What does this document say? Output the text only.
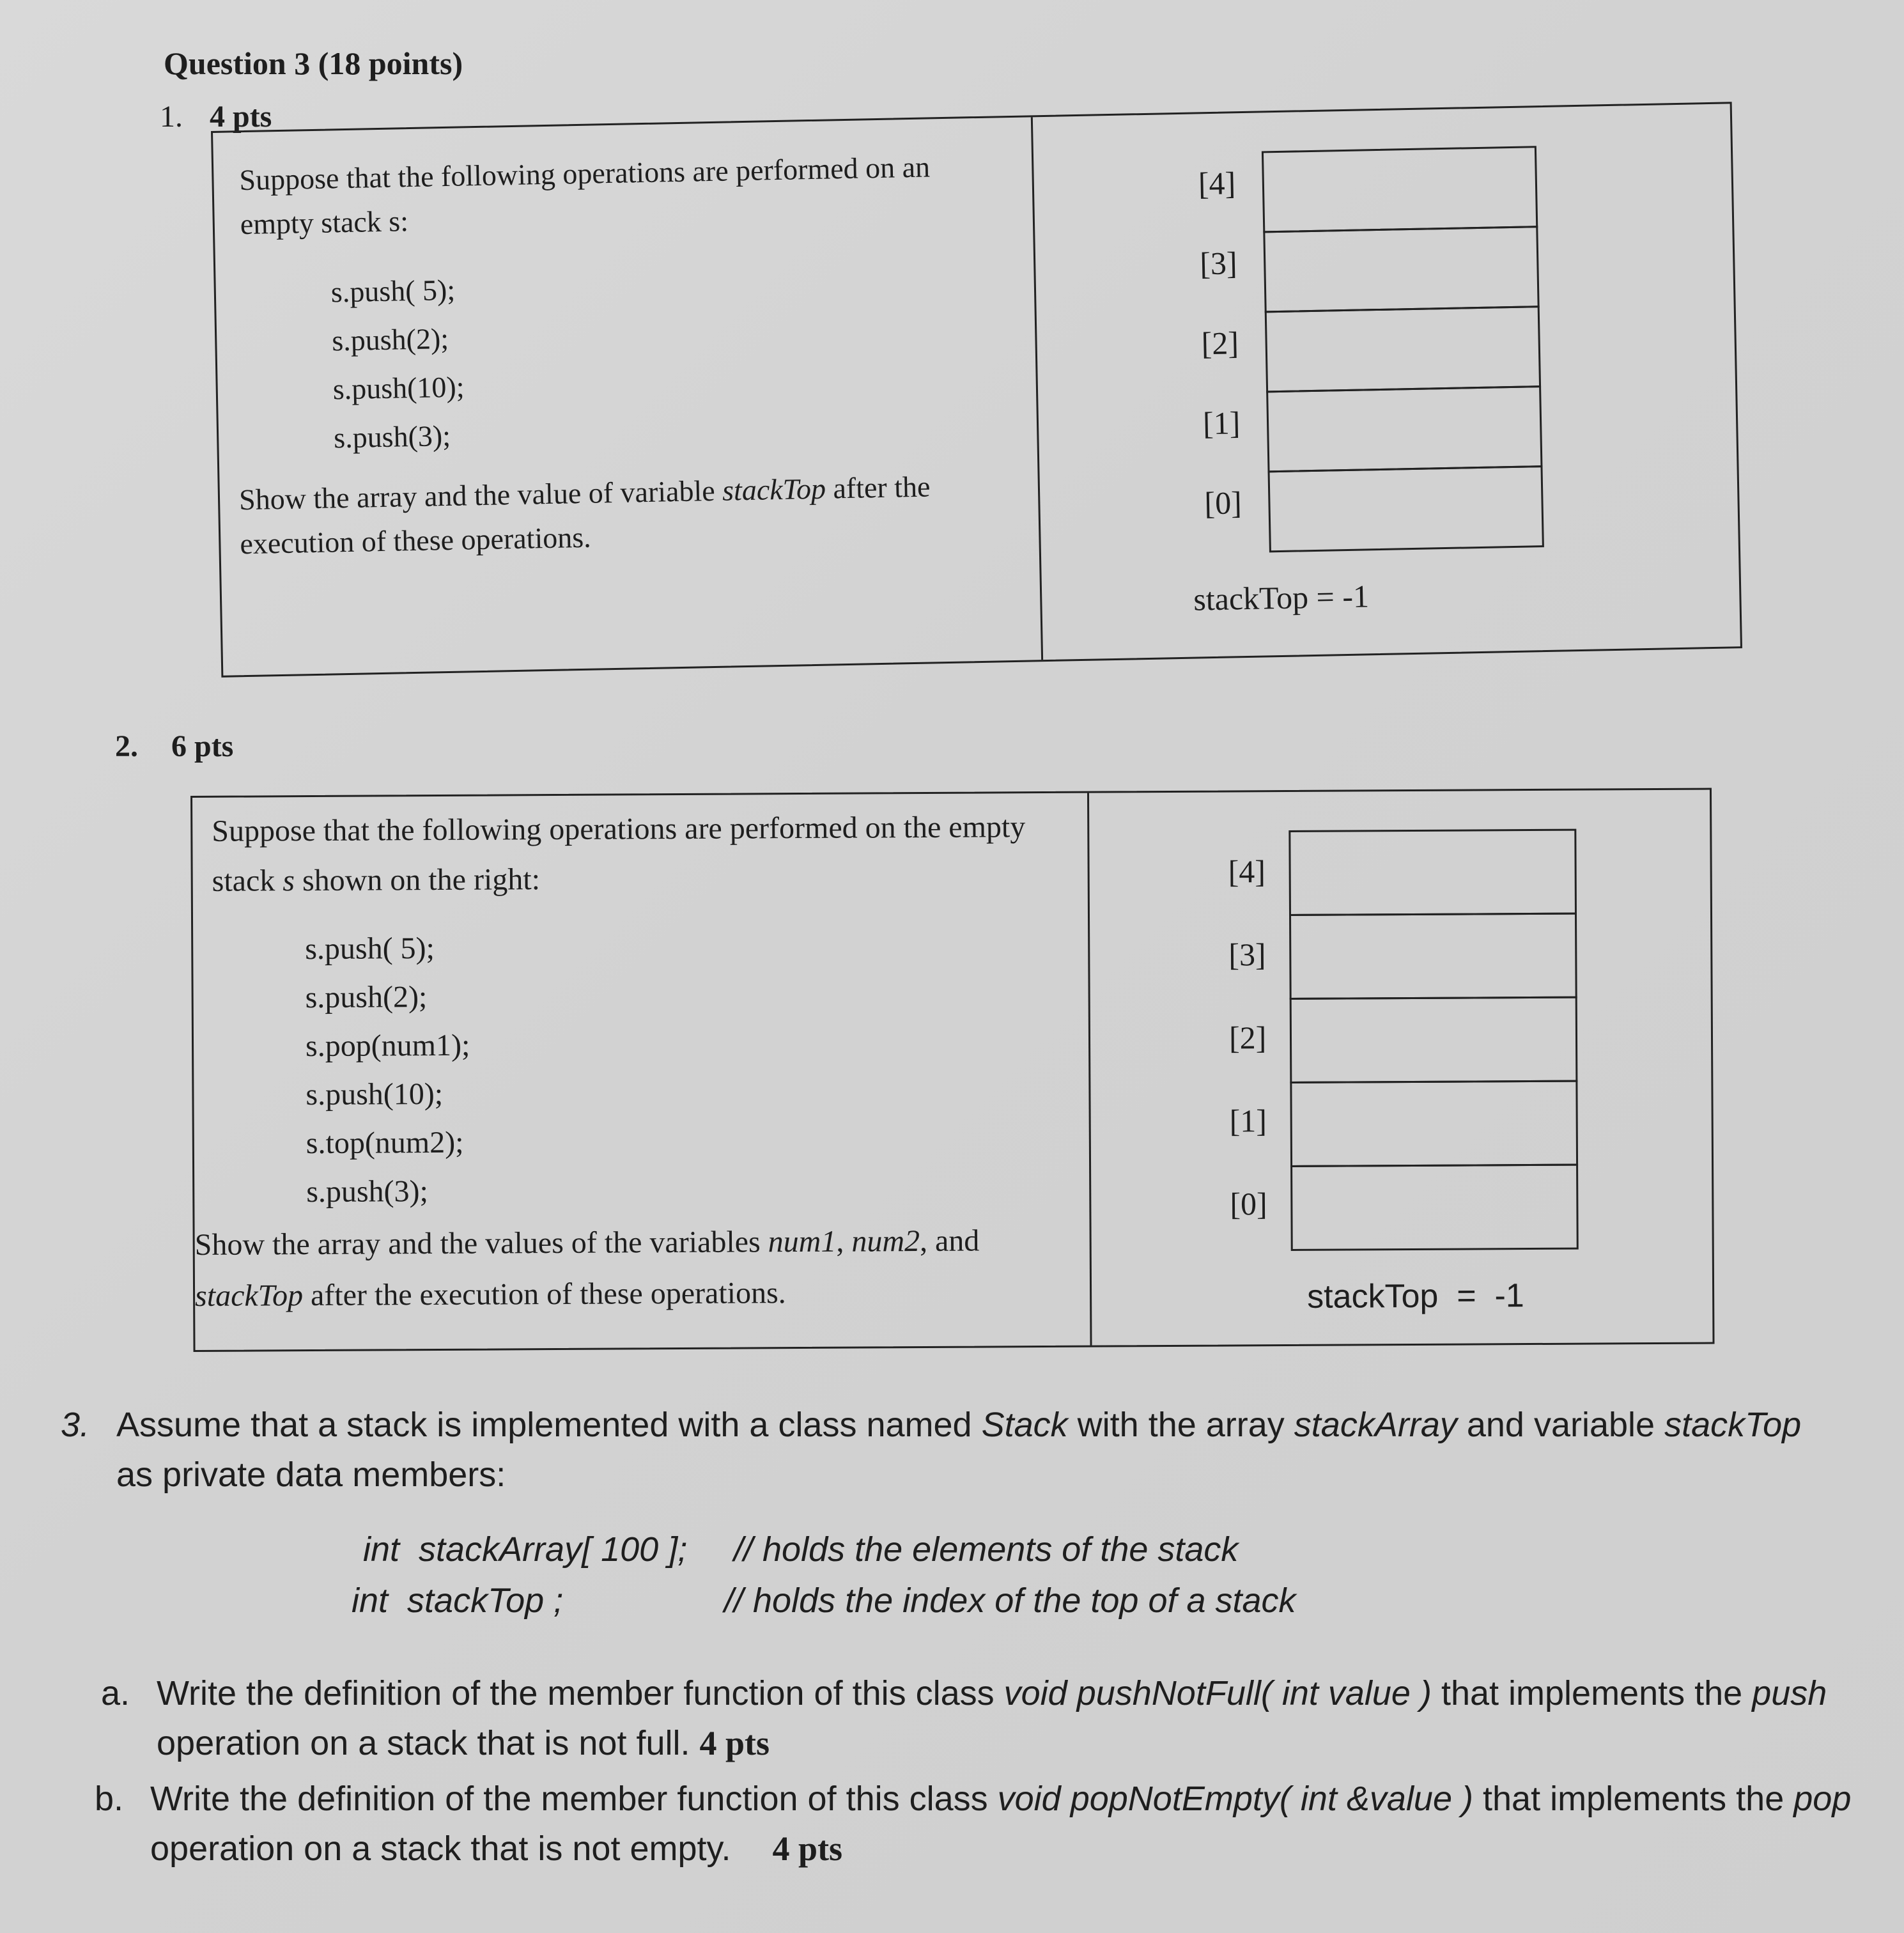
Question 3 (18 points)
1. 4 pts
Suppose that the following operations are performed on an empty stack s:
s.push( 5);
s.push(2);
s.push(10);
s.push(3);
Show the array and the value of variable stackTop after the execution of these operations.
[4]
[3]
[2]
[1]
[0]
stackTop = -1
2. 6 pts
Suppose that the following operations are performed on the empty stack s shown on the right:
s.push( 5);
s.push(2);
s.pop(num1);
s.push(10);
s.top(num2);
s.push(3);
Show the array and the values of the variables num1, num2, and stackTop after the execution of these operations.
[4]
[3]
[2]
[1]
[0]
stackTop  =  -1
3. Assume that a stack is implemented with a class named Stack with the array stackArray and variable stackTop as private data members:
int  stackArray[ 100 ]; // holds the elements of the stack
int  stackTop ;	// holds the index of the top of a stack
a. Write the definition of the member function of this class void pushNotFull( int value ) that implements the push operation on a stack that is not full. 4 pts
b. Write the definition of the member function of this class void popNotEmpty( int &value ) that implements the pop operation on a stack that is not empty. 4 pts
